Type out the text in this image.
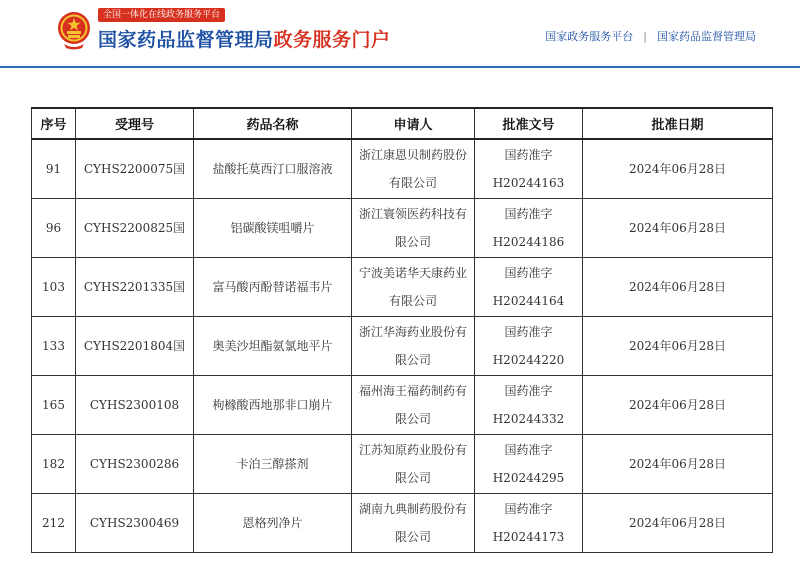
全国一体化在线政务服务平台
国家药品监督管理局政务服务门户	国家政务服务平台 | 国家药品监督管理局
序号	受理号	药品名称	申请人	批准文号	批准日期
91	CYHS2200075国	盐酸托莫西汀口服溶液	浙江康恩贝制药股份有限公司	国药准字H20244163	2024年06月28日
96	CYHS2200825国	铝碳酸镁咀嚼片	浙江寰领医药科技有限公司	国药准字H20244186	2024年06月28日
103	CYHS2201335国	富马酸丙酚替诺福韦片	宁波美诺华天康药业有限公司	国药准字H20244164	2024年06月28日
133	CYHS2201804国	奥美沙坦酯氨氯地平片	浙江华海药业股份有限公司	国药准字H20244220	2024年06月28日
165	CYHS2300108	枸橼酸西地那非口崩片	福州海王福药制药有限公司	国药准字H20244332	2024年06月28日
182	CYHS2300286	卡泊三醇搽剂	江苏知原药业股份有限公司	国药准字H20244295	2024年06月28日
212	CYHS2300469	恩格列净片	湖南九典制药股份有限公司	国药准字H20244173	2024年06月28日
